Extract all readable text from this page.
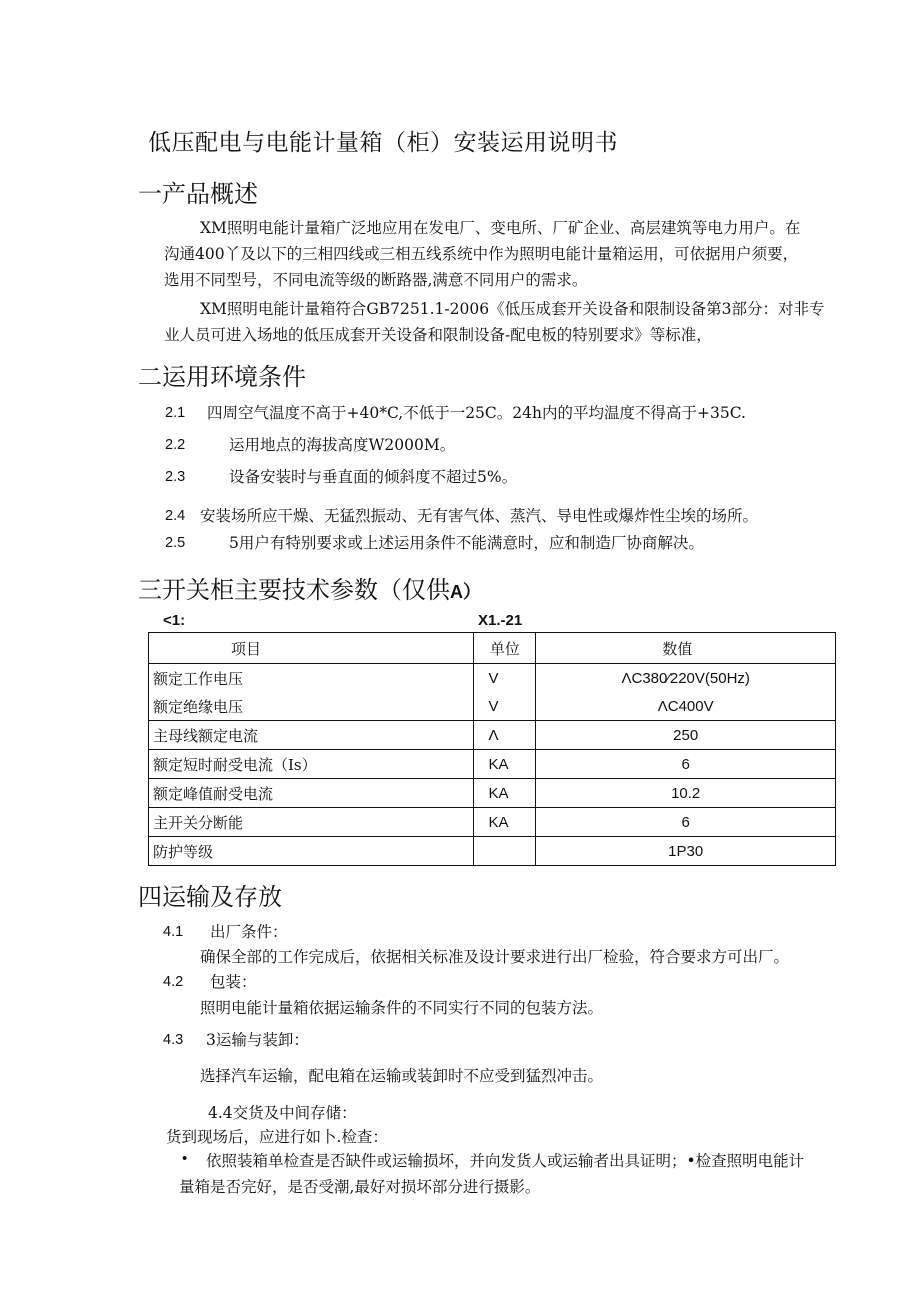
低压配电与电能计量箱（柜）安装运用说明书
一产品概述
XM照明电能计量箱广泛地应用在发电厂、变电所、厂矿企业、高层建筑等电力用户。在
沟通400丫及以下的三相四线或三相五线系统中作为照明电能计量箱运用，可依据用户须要，
选用不同型号，不同电流等级的断路器,满意不同用户的需求。
XM照明电能计量箱符合GB7251.1-2006《低压成套开关设备和限制设备第3部分：对非专
业人员可进入场地的低压成套开关设备和限制设备-配电板的特别要求》等标准，
二运用环境条件
2.1 四周空气温度不高于+40*C,不低于一25C。24h内的平均温度不得高于+35C.
2.2	运用地点的海拔高度W2000M。
2.3	设备安装时与垂直面的倾斜度不超过5%。
2.4 安装场所应干燥、无猛烈振动、无有害气体、蒸汽、导电性或爆炸性尘埃的场所。
2.5	5用户有特别要求或上述运用条件不能满意时，应和制造厂协商解决。
三开关柜主要技术参数（仅供A）
<1:	X1.-21
项目	单位	数值
额定工作电压	V	ΛC380⁄220V(50Hz)
额定绝缘电压	V	ΛC400V
主母线额定电流	Λ	250
额定短时耐受电流（Is）	KA	6
额定峰值耐受电流	KA	10.2
主开关分断能	KA	6
防护等级		1P30
四运输及存放
4.1 出厂条件：
确保全部的工作完成后，依据相关标准及设计要求进行出厂检验，符合要求方可出厂。
4.2 包装：
照明电能计量箱依据运输条件的不同实行不同的包装方法。
4.3 3运输与装卸：
选择汽车运输，配电箱在运输或装卸时不应受到猛烈冲击。
4.4交货及中间存储：
货到现场后，应进行如卜.检查：
• 依照装箱单检查是否缺件或运输损坏，并向发货人或运输者出具证明；•检查照明电能计
量箱是否完好，是否受潮,最好对损坏部分进行摄影。
